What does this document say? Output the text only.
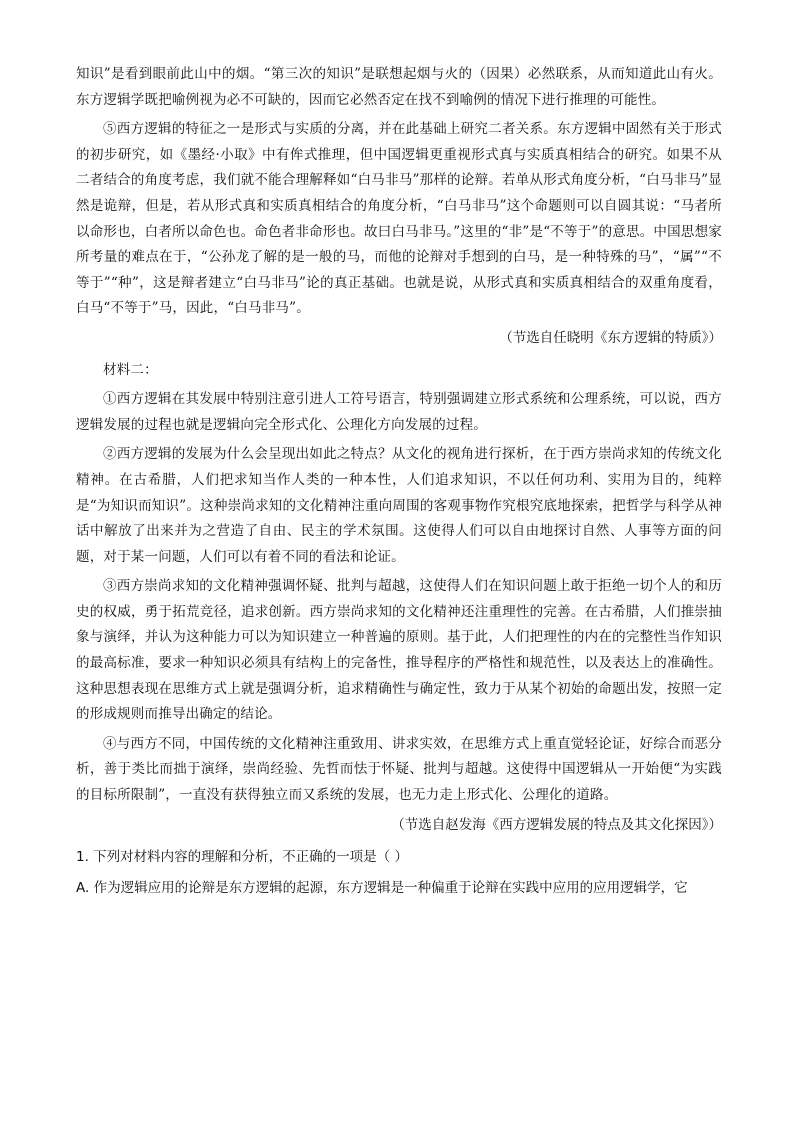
知识”是看到眼前此山中的烟。“第三次的知识”是联想起烟与火的（因果）必然联系，从而知道此山有火。东方逻辑学既把喻例视为必不可缺的，因而它必然否定在找不到喻例的情况下进行推理的可能性。

⑤西方逻辑的特征之一是形式与实质的分离，并在此基础上研究二者关系。东方逻辑中固然有关于形式的初步研究，如《墨经·小取》中有侔式推理，但中国逻辑更重视形式真与实质真相结合的研究。如果不从二者结合的角度考虑，我们就不能合理解释如“白马非马”那样的论辩。若单从形式角度分析，“白马非马”显然是诡辩，但是，若从形式真和实质真相结合的角度分析，“白马非马”这个命题则可以自圆其说：“马者所以命形也，白者所以命色也。命色者非命形也。故曰白马非马。”这里的“非”是“不等于”的意思。中国思想家所考量的难点在于，“公孙龙了解的是一般的马，而他的论辩对手想到的白马，是一种特殊的马”，“属”“不等于”“种”，这是辩者建立“白马非马”论的真正基础。也就是说，从形式真和实质真相结合的双重角度看，白马“不等于”马，因此，“白马非马”。

（节选自任晓明《东方逻辑的特质》）

材料二：

①西方逻辑在其发展中特别注意引进人工符号语言，特别强调建立形式系统和公理系统，可以说，西方逻辑发展的过程也就是逻辑向完全形式化、公理化方向发展的过程。

②西方逻辑的发展为什么会呈现出如此之特点？从文化的视角进行探析，在于西方崇尚求知的传统文化精神。在古希腊，人们把求知当作人类的一种本性，人们追求知识，不以任何功利、实用为目的，纯粹是“为知识而知识”。这种崇尚求知的文化精神注重向周围的客观事物作究根究底地探索，把哲学与科学从神话中解放了出来并为之营造了自由、民主的学术氛围。这使得人们可以自由地探讨自然、人事等方面的问题，对于某一问题，人们可以有着不同的看法和论证。

③西方崇尚求知的文化精神强调怀疑、批判与超越，这使得人们在知识问题上敢于拒绝一切个人的和历史的权威，勇于拓荒竞径，追求创新。西方崇尚求知的文化精神还注重理性的完善。在古希腊，人们推崇抽象与演绎，并认为这种能力可以为知识建立一种普遍的原则。基于此，人们把理性的内在的完整性当作知识的最高标准，要求一种知识必须具有结构上的完备性，推导程序的严格性和规范性，以及表达上的准确性。这种思想表现在思维方式上就是强调分析，追求精确性与确定性，致力于从某个初始的命题出发，按照一定的形成规则而推导出确定的结论。

④与西方不同，中国传统的文化精神注重致用、讲求实效，在思维方式上重直觉轻论证，好综合而恶分析，善于类比而拙于演绎，崇尚经验、先哲而怯于怀疑、批判与超越。这使得中国逻辑从一开始便“为实践的目标所限制”，一直没有获得独立而又系统的发展，也无力走上形式化、公理化的道路。

（节选自赵发海《西方逻辑发展的特点及其文化探因》）

1. 下列对材料内容的理解和分析，不正确的一项是（ ）

A. 作为逻辑应用的论辩是东方逻辑的起源，东方逻辑是一种偏重于论辩在实践中应用的应用逻辑学，它
